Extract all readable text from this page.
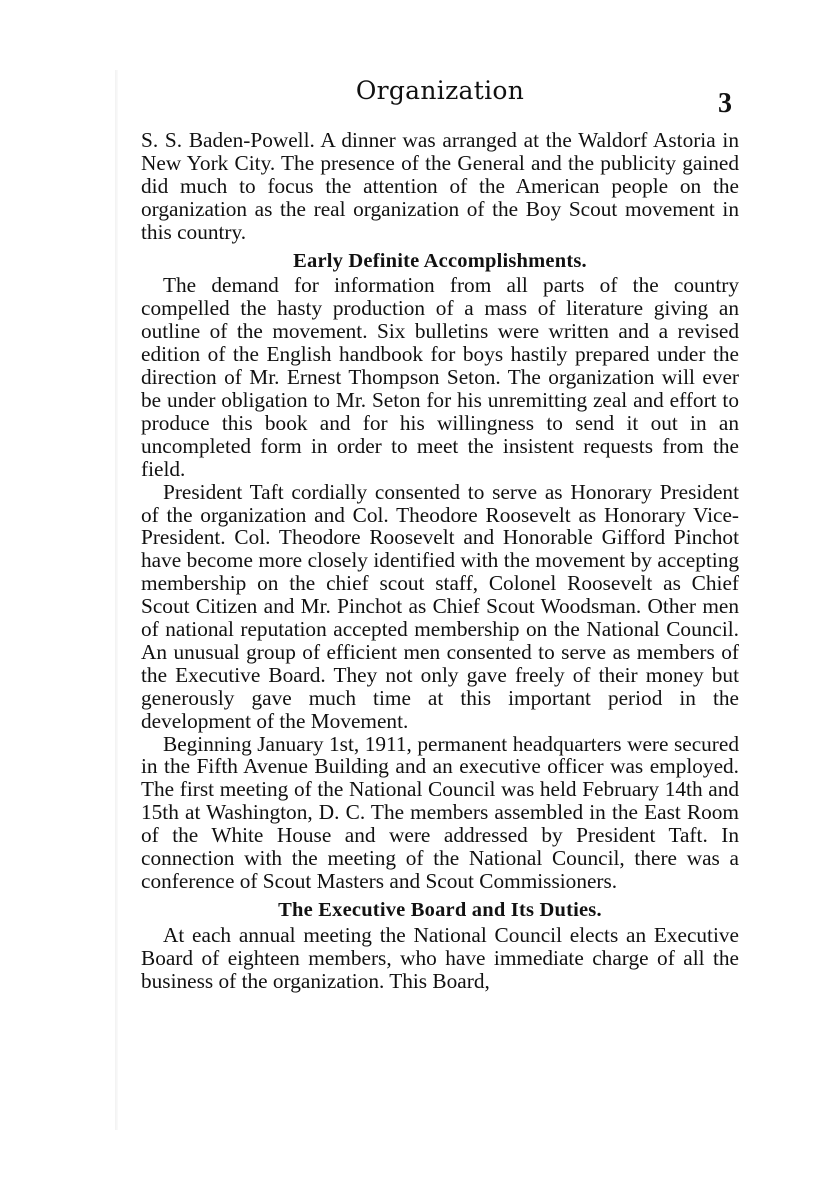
Organization	3

S. S. Baden-Powell. A dinner was arranged at the Waldorf Astoria in New York City. The presence of the General and the publicity gained did much to focus the attention of the American people on the organization as the real organization of the Boy Scout movement in this country.

Early Definite Accomplishments.

The demand for information from all parts of the country compelled the hasty production of a mass of literature giving an outline of the movement. Six bulletins were written and a revised edition of the English handbook for boys hastily prepared under the direction of Mr. Ernest Thompson Seton. The organization will ever be under obligation to Mr. Seton for his unremitting zeal and effort to produce this book and for his willingness to send it out in an uncompleted form in order to meet the insistent requests from the field.

President Taft cordially consented to serve as Honorary President of the organization and Col. Theodore Roosevelt as Honorary Vice-President. Col. Theodore Roosevelt and Honorable Gifford Pinchot have become more closely identified with the movement by accepting membership on the chief scout staff, Colonel Roosevelt as Chief Scout Citizen and Mr. Pinchot as Chief Scout Woodsman. Other men of national reputation accepted membership on the National Council. An unusual group of efficient men consented to serve as members of the Executive Board. They not only gave freely of their money but generously gave much time at this important period in the development of the Movement.

Beginning January 1st, 1911, permanent headquarters were secured in the Fifth Avenue Building and an executive officer was employed. The first meeting of the National Council was held February 14th and 15th at Washington, D. C. The members assembled in the East Room of the White House and were addressed by President Taft. In connection with the meeting of the National Council, there was a conference of Scout Masters and Scout Commissioners.

The Executive Board and Its Duties.

At each annual meeting the National Council elects an Executive Board of eighteen members, who have immediate charge of all the business of the organization. This Board,
